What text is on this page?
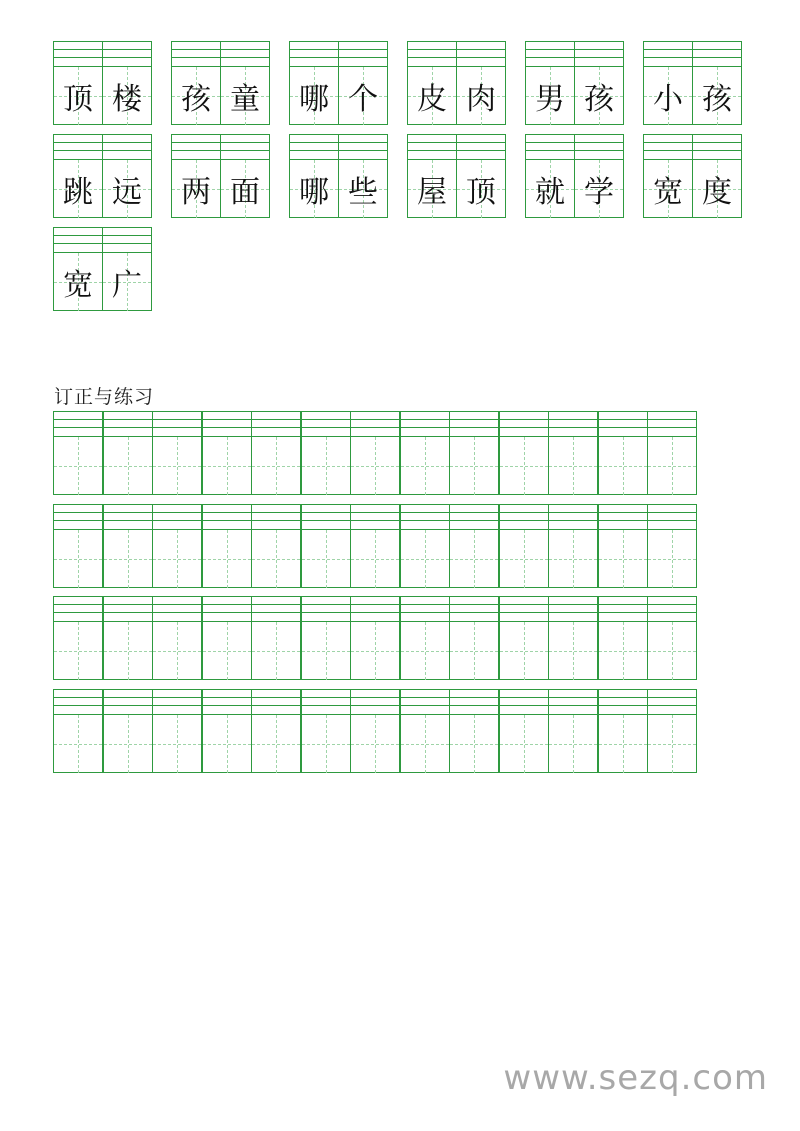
顶 楼	孩 童	哪 个	皮 肉	男 孩	小 孩
跳 远	两 面	哪 些	屋 顶	就 学	宽 度
宽 广
订正与练习
www.sezq.com
